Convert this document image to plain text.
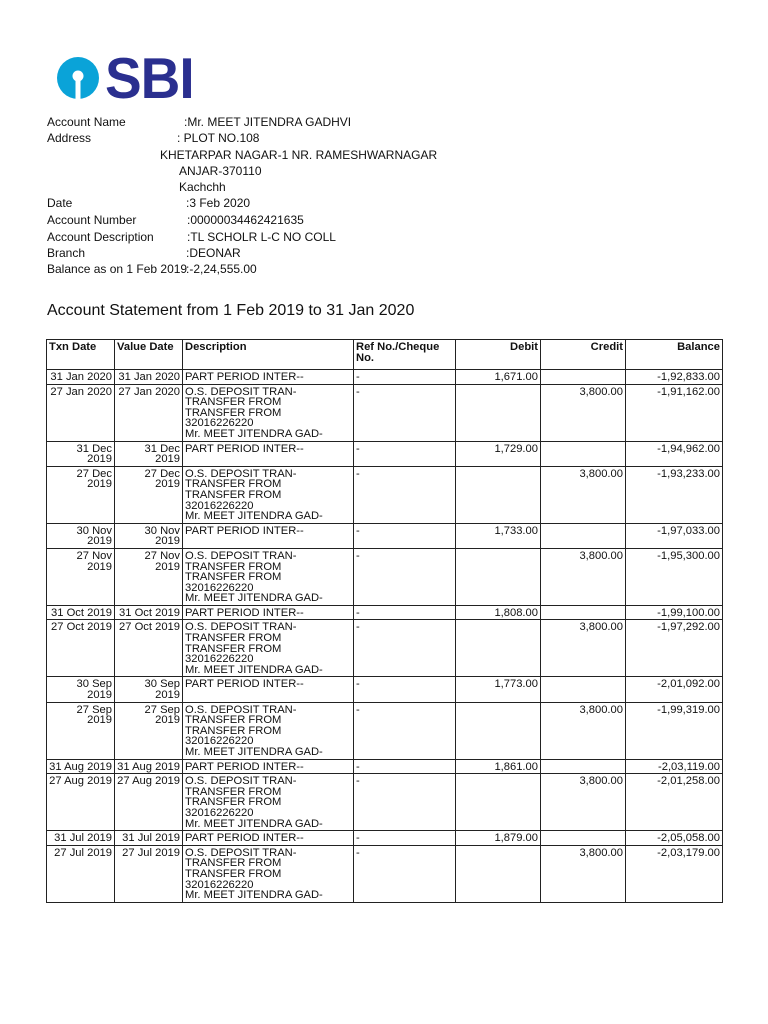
SBI
Account Name	:Mr. MEET JITENDRA GADHVI
Address	: PLOT NO.108
KHETARPAR NAGAR-1 NR. RAMESHWARNAGAR
ANJAR-370110
Kachchh
Date	:3 Feb 2020
Account Number	:00000034462421635
Account Description	:TL SCHOLR L-C NO COLL
Branch	:DEONAR
Balance as on 1 Feb 2019
:-2,24,555.00
Account Statement from 1 Feb 2019 to 31 Jan 2020
Txn Date	Value Date	Description	Ref No./Cheque No.	Debit	Credit	Balance
31 Jan 2020	31 Jan 2020	PART PERIOD INTER--	-	1,671.00		-1,92,833.00
27 Jan 2020	27 Jan 2020	O.S. DEPOSIT TRAN-
TRANSFER FROM
TRANSFER FROM
32016226220
Mr. MEET JITENDRA GAD-	-		3,800.00	-1,91,162.00
31 Dec 2019	31 Dec 2019	PART PERIOD INTER--	-	1,729.00		-1,94,962.00
27 Dec 2019	27 Dec 2019	O.S. DEPOSIT TRAN-
TRANSFER FROM
TRANSFER FROM
32016226220
Mr. MEET JITENDRA GAD-	-		3,800.00	-1,93,233.00
30 Nov 2019	30 Nov 2019	PART PERIOD INTER--	-	1,733.00		-1,97,033.00
27 Nov 2019	27 Nov 2019	O.S. DEPOSIT TRAN-
TRANSFER FROM
TRANSFER FROM
32016226220
Mr. MEET JITENDRA GAD-	-		3,800.00	-1,95,300.00
31 Oct 2019	31 Oct 2019	PART PERIOD INTER--	-	1,808.00		-1,99,100.00
27 Oct 2019	27 Oct 2019	O.S. DEPOSIT TRAN-
TRANSFER FROM
TRANSFER FROM
32016226220
Mr. MEET JITENDRA GAD-	-		3,800.00	-1,97,292.00
30 Sep 2019	30 Sep 2019	PART PERIOD INTER--	-	1,773.00		-2,01,092.00
27 Sep 2019	27 Sep 2019	O.S. DEPOSIT TRAN-
TRANSFER FROM
TRANSFER FROM
32016226220
Mr. MEET JITENDRA GAD-	-		3,800.00	-1,99,319.00
31 Aug 2019	31 Aug 2019	PART PERIOD INTER--	-	1,861.00		-2,03,119.00
27 Aug 2019	27 Aug 2019	O.S. DEPOSIT TRAN-
TRANSFER FROM
TRANSFER FROM
32016226220
Mr. MEET JITENDRA GAD-	-		3,800.00	-2,01,258.00
31 Jul 2019	31 Jul 2019	PART PERIOD INTER--	-	1,879.00		-2,05,058.00
27 Jul 2019	27 Jul 2019	O.S. DEPOSIT TRAN-
TRANSFER FROM
TRANSFER FROM
32016226220
Mr. MEET JITENDRA GAD-	-		3,800.00	-2,03,179.00
